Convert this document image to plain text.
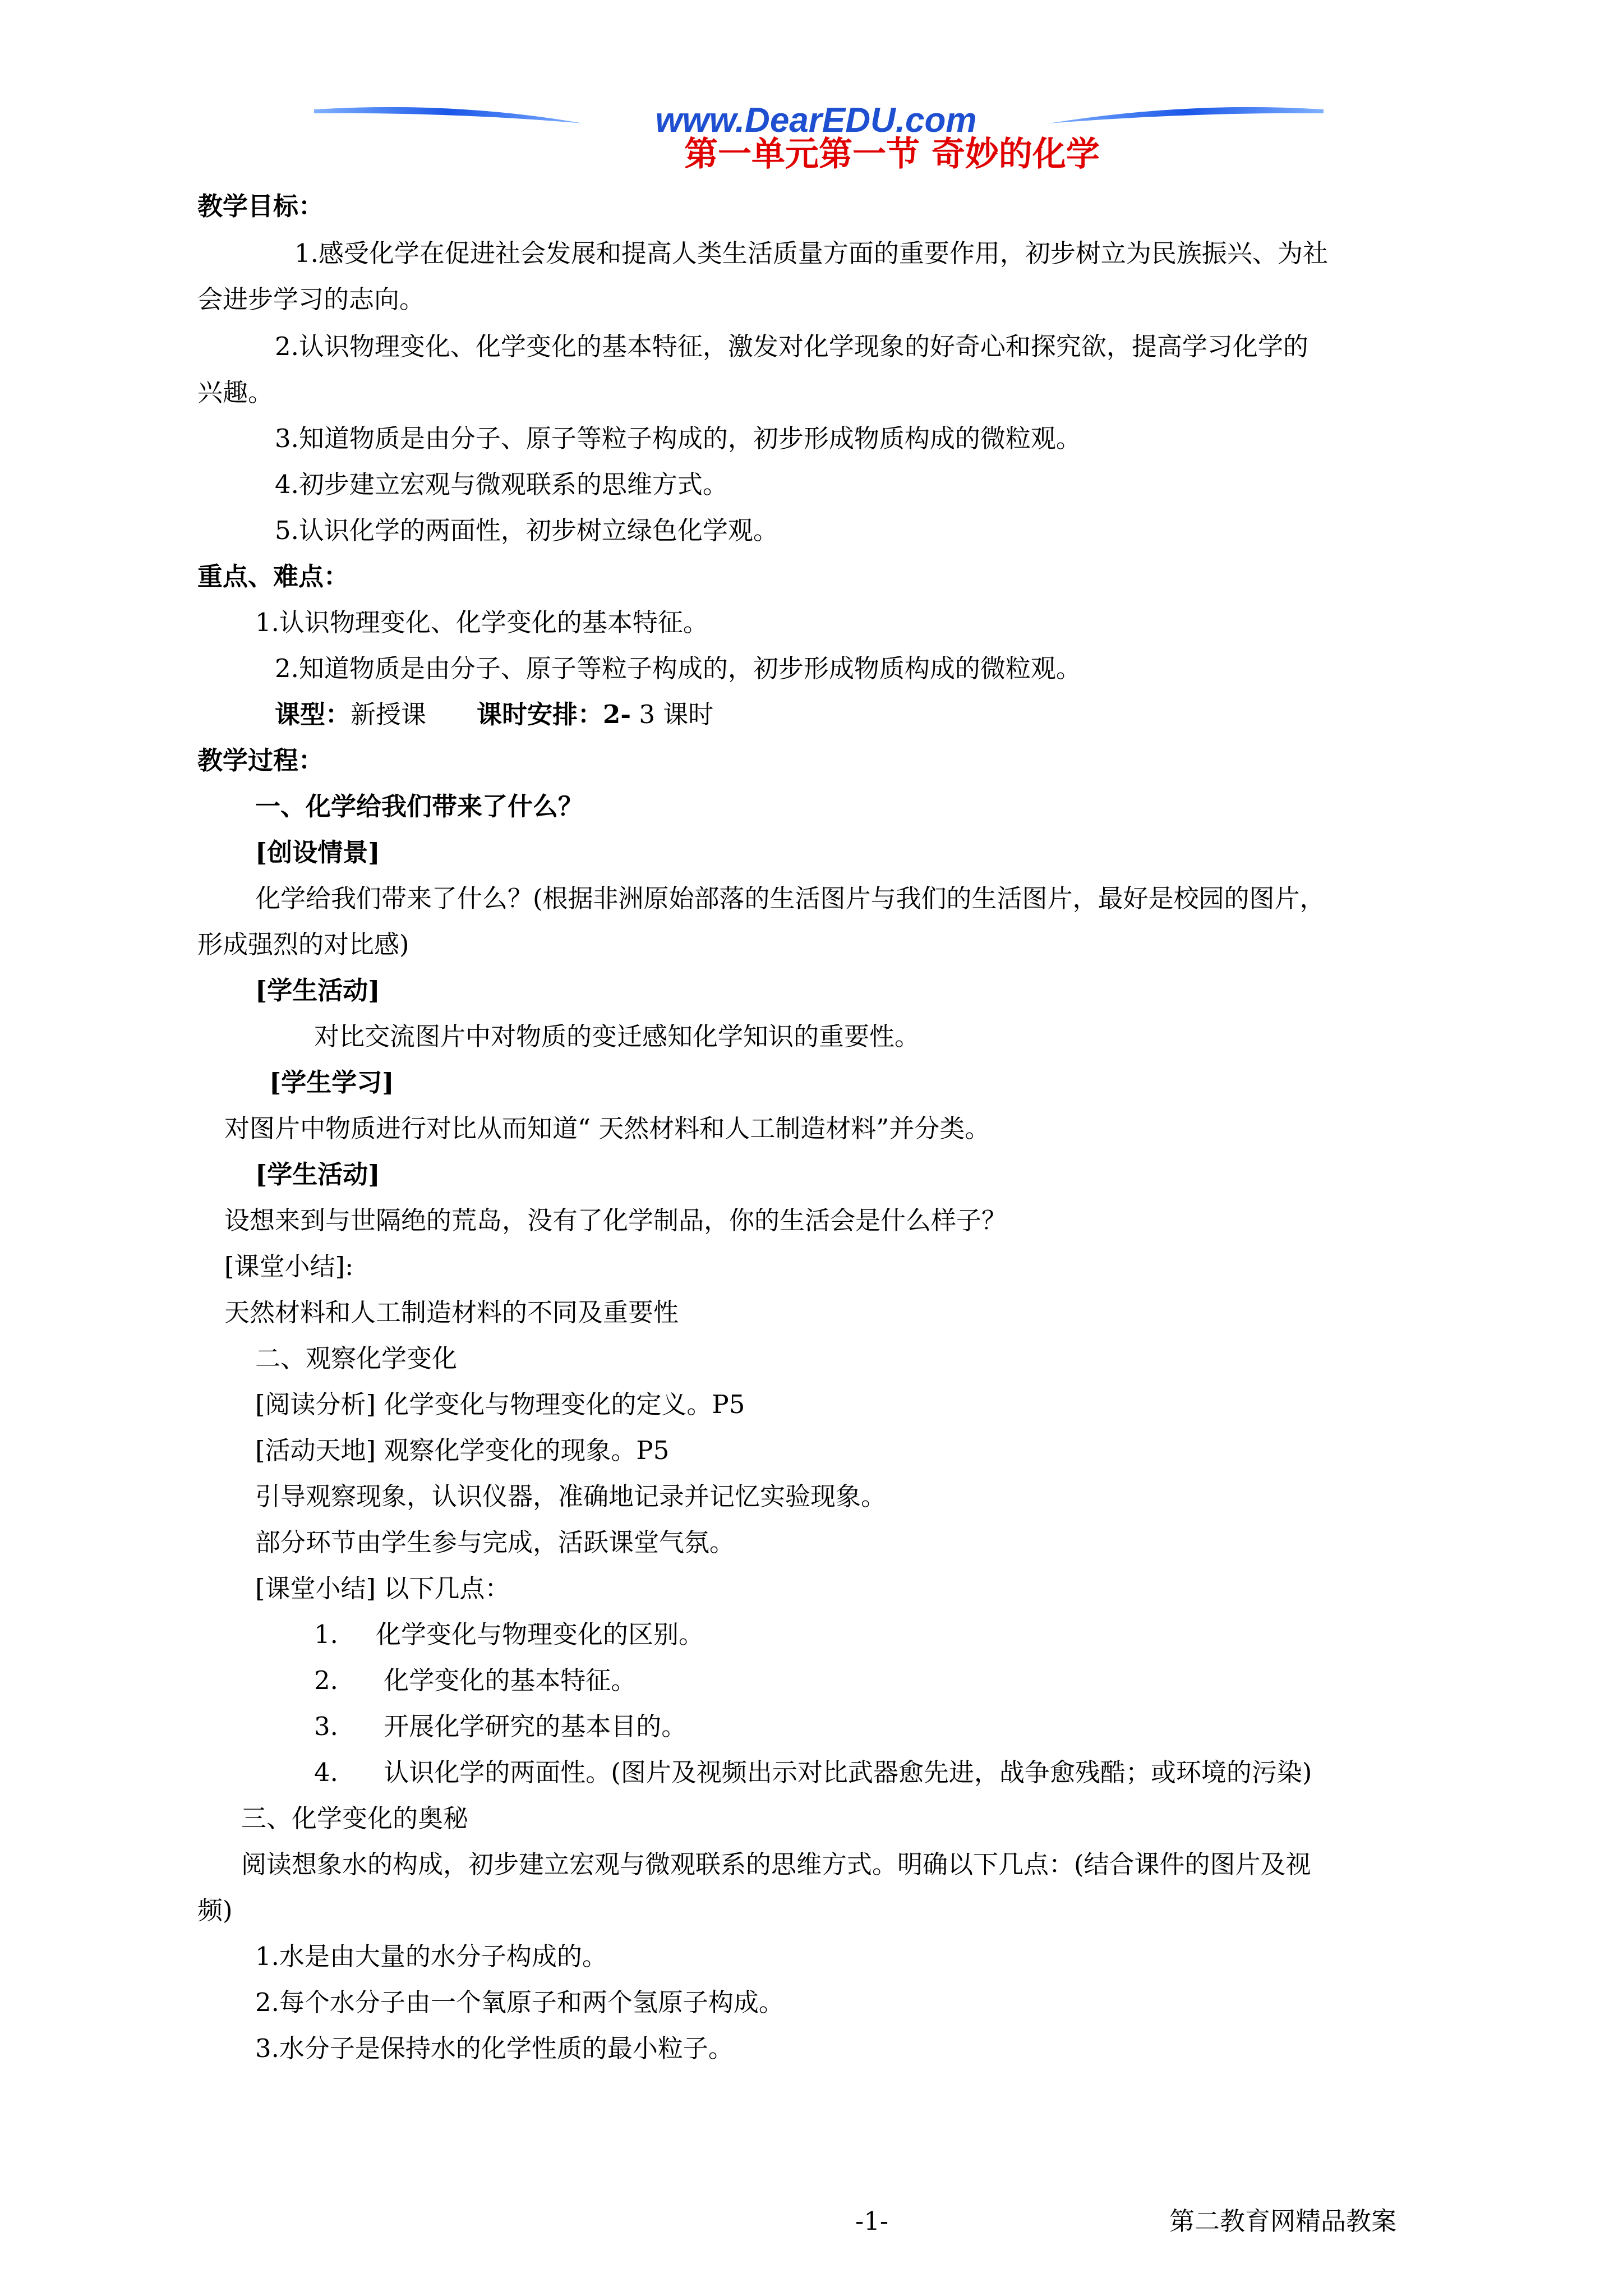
www.DearEDU.com
第一单元第一节 奇妙的化学
教学目标：
1.感受化学在促进社会发展和提高人类生活质量方面的重要作用，初步树立为民族振兴、为社
会进步学习的志向。
2.认识物理变化、化学变化的基本特征，激发对化学现象的好奇心和探究欲，提高学习化学的
兴趣。
3.知道物质是由分子、原子等粒子构成的，初步形成物质构成的微粒观。
4.初步建立宏观与微观联系的思维方式。
5.认识化学的两面性，初步树立绿色化学观。
重点、难点：
1.认识物理变化、化学变化的基本特征。
2.知道物质是由分子、原子等粒子构成的，初步形成物质构成的微粒观。
课型：新授课 课时安排：2- 3 课时
教学过程：
一、化学给我们带来了什么？
[创设情景]
化学给我们带来了什么？(根据非洲原始部落的生活图片与我们的生活图片，最好是校园的图片，
形成强烈的对比感)
[学生活动]
对比交流图片中对物质的变迁感知化学知识的重要性。
[学生学习]
对图片中物质进行对比从而知道“ 天然材料和人工制造材料”并分类。
[学生活动]
设想来到与世隔绝的荒岛，没有了化学制品，你的生活会是什么样子？
[课堂小结]:
天然材料和人工制造材料的不同及重要性
二、观察化学变化
[阅读分析] 化学变化与物理变化的定义。P5
[活动天地] 观察化学变化的现象。P5
引导观察现象，认识仪器，准确地记录并记忆实验现象。
部分环节由学生参与完成，活跃课堂气氛。
[课堂小结] 以下几点：
1. 化学变化与物理变化的区别。
2. 化学变化的基本特征。
3. 开展化学研究的基本目的。
4. 认识化学的两面性。(图片及视频出示对比武器愈先进，战争愈残酷；或环境的污染)
三、化学变化的奥秘
阅读想象水的构成，初步建立宏观与微观联系的思维方式。明确以下几点：(结合课件的图片及视
频)
1.水是由大量的水分子构成的。
2.每个水分子由一个氧原子和两个氢原子构成。
3.水分子是保持水的化学性质的最小粒子。
-1-	第二教育网精品教案
